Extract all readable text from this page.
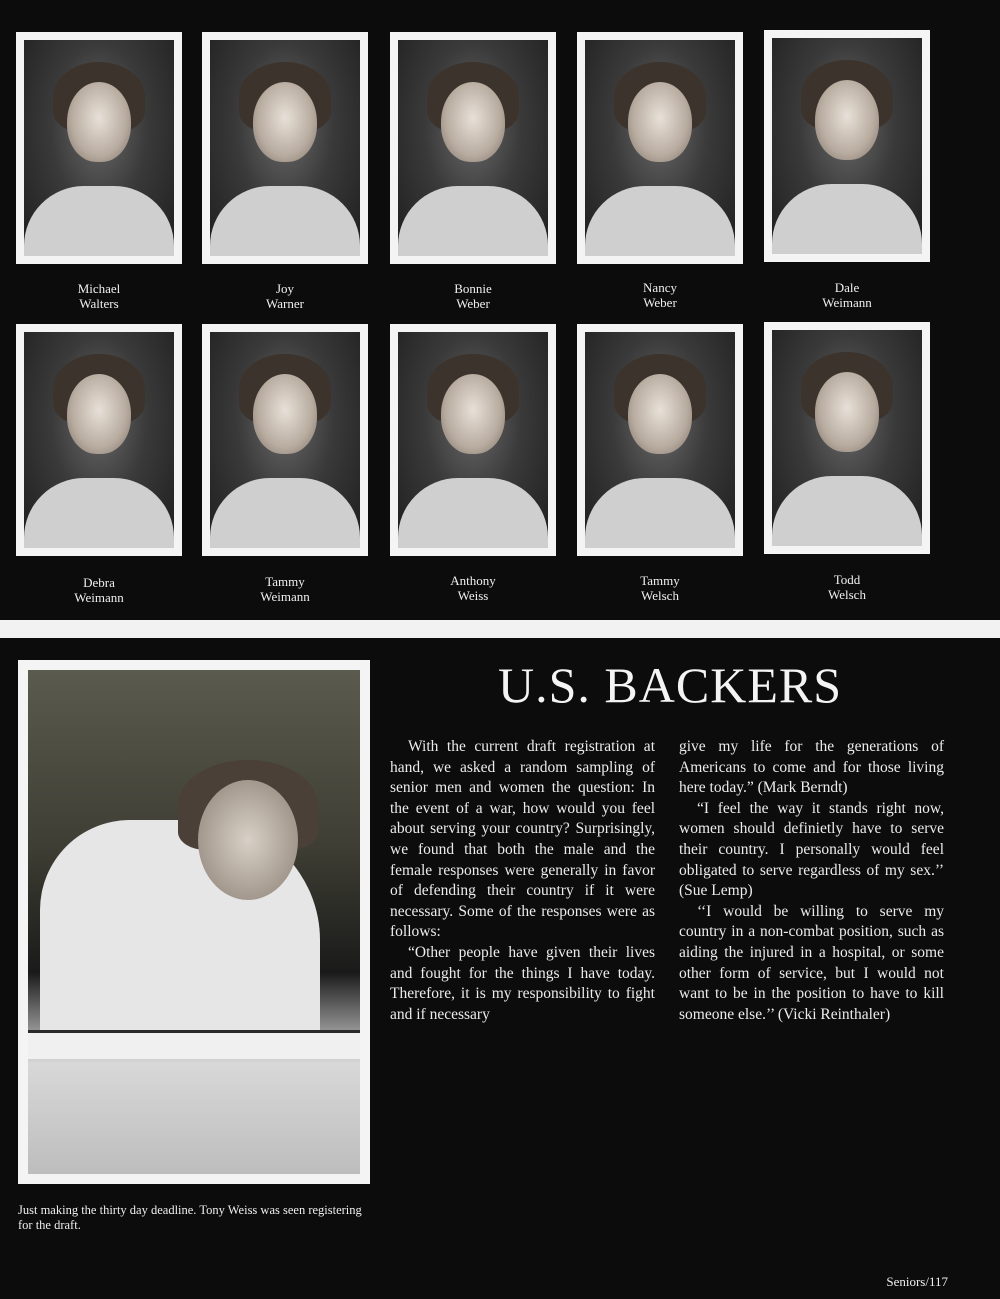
Michael
Walters
Joy
Warner
Bonnie
Weber
Nancy
Weber
Dale
Weimann
Debra
Weimann
Tammy
Weimann
Anthony
Weiss
Tammy
Welsch
Todd
Welsch
Just making the thirty day deadline. Tony Weiss was seen registering for the draft.
U.S. BACKERS

With the current draft registration at hand, we asked a random sampling of senior men and women the question: In the event of a war, how would you feel about serving your country? Surprisingly, we found that both the male and the female responses were generally in favor of defending their country if it were necessary. Some of the responses were as follows:

“Other people have given their lives and fought for the things I have today. Therefore, it is my responsibility to fight and if necessary

give my life for the generations of Americans to come and for those living here today.” (Mark Berndt)

“I feel the way it stands right now, women should definietly have to serve their country. I personally would feel obligated to serve regardless of my sex.’’ (Sue Lemp)

‘‘I would be willing to serve my country in a non-combat position, such as aiding the injured in a hospital, or some other form of service, but I would not want to be in the position to have to kill someone else.’’ (Vicki Reinthaler)

Seniors/117
